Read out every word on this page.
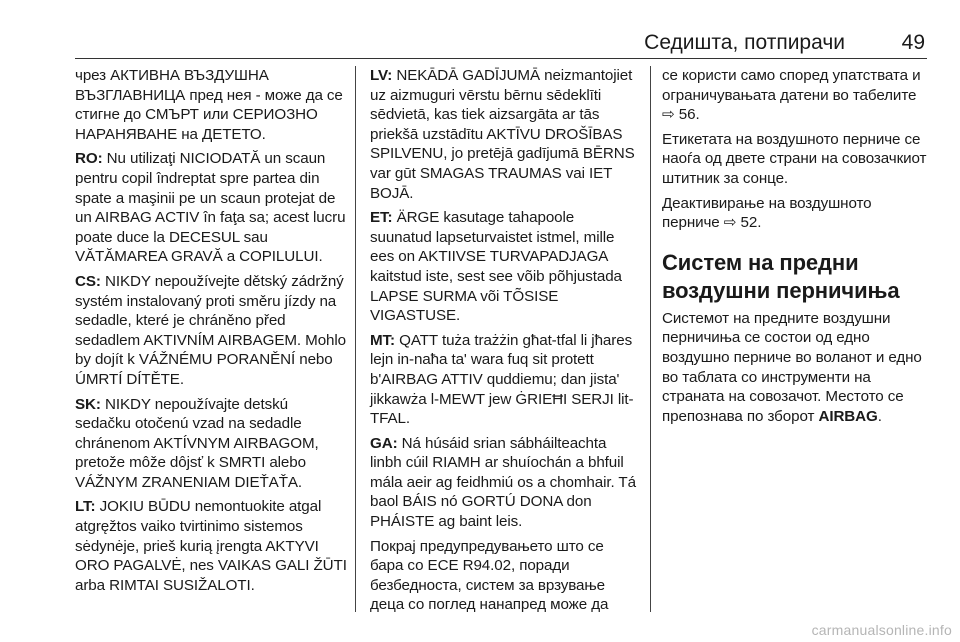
Седишта, потпирачи	49

чрез АКТИВНА ВЪЗДУШНА ВЪЗГЛАВНИЦА пред нея - може да се стигне до СМЪРТ или СЕРИОЗНО НАРАНЯВАНЕ на ДЕТЕТО.

RO: Nu utilizaţi NICIODATĂ un scaun pentru copil îndreptat spre partea din spate a maşinii pe un scaun protejat de un AIRBAG ACTIV în faţa sa; acest lucru poate duce la DECESUL sau VĂTĂMAREA GRAVĂ a COPILULUI.

CS: NIKDY nepoužívejte dětský zádržný systém instalovaný proti směru jízdy na sedadle, které je chráněno před sedadlem AKTIVNÍM AIRBAGEM. Mohlo by dojít k VÁŽNÉMU PORANĚNÍ nebo ÚMRTÍ DÍTĚTE.

SK: NIKDY nepoužívajte detskú sedačku otočenú vzad na sedadle chránenom AKTÍVNYM AIRBAGOM, pretože môže dôjsť k SMRTI alebo VÁŽNYM ZRANENIAM DIEŤAŤA.

LT: JOKIU BŪDU nemontuokite atgal atgręžtos vaiko tvirtinimo sistemos sėdynėje, prieš kurią įrengta AKTYVI ORO PAGALVĖ, nes VAIKAS GALI ŽŪTI arba RIMTAI SUSIŽALOTI.

LV: NEKĀDĀ GADĪJUMĀ neizmantojiet uz aizmuguri vērstu bērnu sēdeklīti sēdvietā, kas tiek aizsargāta ar tās priekšā uzstādītu AKTĪVU DROŠĪBAS SPILVENU, jo pretējā gadījumā BĒRNS var gūt SMAGAS TRAUMAS vai IET BOJĀ.

ET: ÄRGE kasutage tahapoole suunatud lapseturvaistet istmel, mille ees on AKTIIVSE TURVAPADJAGA kaitstud iste, sest see võib põhjustada LAPSE SURMA või TÕSISE VIGASTUSE.

MT: QATT tuża trażżin għat-tfal li jħares lejn in-naħa ta' wara fuq sit protett b'AIRBAG ATTIV quddiemu; dan jista' jikkawża l-MEWT jew ĠRIEĦI SERJI lit-TFAL.

GA: Ná húsáid srian sábháilteachta linbh cúil RIAMH ar shuíochán a bhfuil mála aeir ag feidhmiú os a chomhair. Tá baol BÁIS nó GORTÚ DONA don PHÁISTE ag baint leis.

Покрај предупредувањето што се бара со ECE R94.02, поради безбедноста, систем за врзување деца со поглед нанапред може да

се користи само според упатствата и ограничувањата датени во табелите ⇨ 56.

Етикетата на воздушното перниче се наоѓа од двете страни на совозачкиот штитник за сонце.

Деактивирање на воздушното перниче ⇨ 52.

Систем на предни воздушни перничиња

Системот на предните воздушни перничиња се состои од едно воздушно перниче во воланот и едно во таблата со инструменти на страната на совозачот. Местото се препознава по зборот AIRBAG.

carmanualsonline.info
